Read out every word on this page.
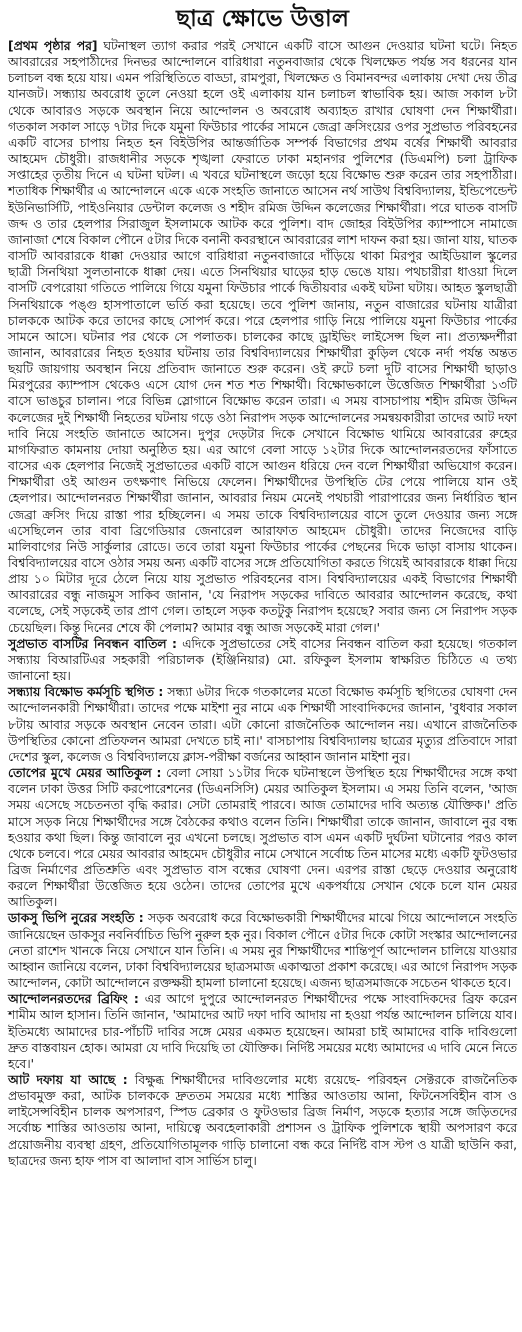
ছাত্র ক্ষোভে উত্তাল

[প্রথম পৃষ্ঠার পর] ঘটনাস্থল ত্যাগ করার পরই সেখানে একটি বাসে আগুন দেওয়ার ঘটনা ঘটে। নিহত আবরারের সহপাঠীদের দিনভর আন্দোলনে বারিধারা নতুনবাজার থেকে খিলক্ষেত পর্যন্ত সব ধরনের যান চলাচল বন্ধ হয়ে যায়। এমন পরিস্থিতিতে বাড্ডা, রামপুরা, খিলক্ষেত ও বিমানবন্দর এলাকায় দেখা দেয় তীব্র যানজট। সন্ধ্যায় অবরোধ তুলে নেওয়া হলে ওই এলাকায় যান চলাচল স্বাভাবিক হয়। আজ সকাল ৮টা থেকে আবারও সড়কে অবস্থান নিয়ে আন্দোলন ও অবরোধ অব্যাহত রাখার ঘোষণা দেন শিক্ষার্থীরা। গতকাল সকাল সাড়ে ৭টার দিকে যমুনা ফিউচার পার্কের সামনে জেব্রা ক্রসিংয়ের ওপর সুপ্রভাত পরিবহনের একটি বাসের চাপায় নিহত হন বিইউপির আন্তর্জাতিক সম্পর্ক বিভাগের প্রথম বর্ষের শিক্ষার্থী আবরার আহমেদ চৌধুরী। রাজধানীর সড়কে শৃঙ্খলা ফেরাতে ঢাকা মহানগর পুলিশের (ডিএমপি) চলা ট্রাফিক সপ্তাহের তৃতীয় দিনে এ ঘটনা ঘটল। এ খবরে ঘটনাস্থলে জড়ো হয়ে বিক্ষোভ শুরু করেন তার সহপাঠীরা। শতাধিক শিক্ষার্থীর এ আন্দোলনে একে একে সংহতি জানাতে আসেন নর্থ সাউথ বিশ্ববিদ্যালয়, ইন্ডিপেন্ডেন্ট ইউনিভার্সিটি, পাইওনিয়ার ডেন্টাল কলেজ ও শহীদ রমিজ উদ্দিন কলেজের শিক্ষার্থীরা। পরে ঘাতক বাসটি জব্দ ও তার হেলপার সিরাজুল ইসলামকে আটক করে পুলিশ। বাদ জোহর বিইউপির ক্যাম্পাসে নামাজে জানাজা শেষে বিকাল পৌনে ৫টার দিকে বনানী কবরস্থানে আবরারের লাশ দাফন করা হয়। জানা যায়, ঘাতক বাসটি আবরারকে ধাক্কা দেওয়ার আগে বারিধারা নতুনবাজারে দাঁড়িয়ে থাকা মিরপুর আইডিয়াল স্কুলের ছাত্রী সিনথিয়া সুলতানাকে ধাক্কা দেয়। এতে সিনথিয়ার ঘাড়ের হাড় ভেঙে যায়। পথচারীরা ধাওয়া দিলে বাসটি বেপরোয়া গতিতে পালিয়ে গিয়ে যমুনা ফিউচার পার্কে দ্বিতীয়বার একই ঘটনা ঘটায়। আহত স্কুলছাত্রী সিনথিয়াকে পঙ্গু হাসপাতালে ভর্তি করা হয়েছে। তবে পুলিশ জানায়, নতুন বাজারের ঘটনায় যাত্রীরা চালককে আটক করে তাদের কাছে সোপর্দ করে। পরে হেলপার গাড়ি নিয়ে পালিয়ে যমুনা ফিউচার পার্কের সামনে আসে। ঘটনার পর থেকে সে পলাতক। চালকের কাছে ড্রাইভিং লাইসেন্স ছিল না। প্রত্যক্ষদর্শীরা জানান, আবরারের নিহত হওয়ার ঘটনায় তার বিশ্ববিদ্যালয়ের শিক্ষার্থীরা কুড়িল থেকে নর্দা পর্যন্ত অন্তত ছয়টি জায়গায় অবস্থান নিয়ে প্রতিবাদ জানাতে শুরু করেন। ওই রুটে চলা দুটি বাসের শিক্ষার্থী ছাড়াও মিরপুরের ক্যাম্পাস থেকেও এসে যোগ দেন শত শত শিক্ষার্থী। বিক্ষোভকালে উত্তেজিত শিক্ষার্থীরা ১৩টি বাসে ভাঙচুর চালান। পরে বিভিন্ন স্লোগানে বিক্ষোভ করেন তারা। এ সময় বাসচাপায় শহীদ রমিজ উদ্দিন কলেজের দুই শিক্ষার্থী নিহতের ঘটনায় গড়ে ওঠা নিরাপদ সড়ক আন্দোলনের সমন্বয়কারীরা তাদের আট দফা দাবি নিয়ে সংহতি জানাতে আসেন। দুপুর দেড়টার দিকে সেখানে বিক্ষোভ থামিয়ে আবরারের রুহের মাগফিরাত কামনায় দোয়া অনুষ্ঠিত হয়। এর আগে বেলা সাড়ে ১২টার দিকে আন্দোলনরতদের ফাঁসাতে বাসের এক হেলপার নিজেই সুপ্রভাতের একটি বাসে আগুন ধরিয়ে দেন বলে শিক্ষার্থীরা অভিযোগ করেন। শিক্ষার্থীরা ওই আগুন তৎক্ষণাৎ নিভিয়ে ফেলেন। শিক্ষার্থীদের উপস্থিতি টের পেয়ে পালিয়ে যান ওই হেলপার। আন্দোলনরত শিক্ষার্থীরা জানান, আবরার নিয়ম মেনেই পথচারী পারাপারের জন্য নির্ধারিত স্থান জেব্রা ক্রসিং দিয়ে রাস্তা পার হচ্ছিলেন। এ সময় তাকে বিশ্ববিদ্যালয়ের বাসে তুলে দেওয়ার জন্য সঙ্গে এসেছিলেন তার বাবা ব্রিগেডিয়ার জেনারেল আরাফাত আহমেদ চৌধুরী। তাদের নিজেদের বাড়ি মালিবাগের নিউ সার্কুলার রোডে। তবে তারা যমুনা ফিউচার পার্কের পেছনের দিকে ভাড়া বাসায় থাকেন। বিশ্ববিদ্যালয়ের বাসে ওঠার সময় অন্য একটি বাসের সঙ্গে প্রতিযোগিতা করতে গিয়েই আবরারকে ধাক্কা দিয়ে প্রায় ১০ মিটার দূরে ঠেলে নিয়ে যায় সুপ্রভাত পরিবহনের বাস। বিশ্ববিদ্যালয়ের একই বিভাগের শিক্ষার্থী আবরারের বন্ধু নাজমুস সাকিব জানান, 'যে নিরাপদ সড়কের দাবিতে আবরার আন্দোলন করেছে, কথা বলেছে, সেই সড়কেই তার প্রাণ গেল। তাহলে সড়ক কতটুকু নিরাপদ হয়েছে? সবার জন্য সে নিরাপদ সড়ক চেয়েছিল। কিন্তু দিনের শেষে কী পেলাম? আমার বন্ধু আজ সড়কেই মারা গেল।'

সুপ্রভাত বাসটির নিবন্ধন বাতিল : এদিকে সুপ্রভাতের সেই বাসের নিবন্ধন বাতিল করা হয়েছে। গতকাল সন্ধ্যায় বিআরটিএর সহকারী পরিচালক (ইঞ্জিনিয়ার) মো. রফিকুল ইসলাম স্বাক্ষরিত চিঠিতে এ তথ্য জানানো হয়।

সন্ধ্যায় বিক্ষোভ কর্মসূচি স্থগিত : সন্ধ্যা ৬টার দিকে গতকালের মতো বিক্ষোভ কর্মসূচি স্থগিতের ঘোষণা দেন আন্দোলনকারী শিক্ষার্থীরা। তাদের পক্ষে মাইশা নুর নামে এক শিক্ষার্থী সাংবাদিকদের জানান, 'বুধবার সকাল ৮টায় আবার সড়কে অবস্থান নেবেন তারা। এটা কোনো রাজনৈতিক আন্দোলন নয়। এখানে রাজনৈতিক উপস্থিতির কোনো প্রতিফলন আমরা দেখতে চাই না।' বাসচাপায় বিশ্ববিদ্যালয় ছাত্রের মৃত্যুর প্রতিবাদে সারা দেশের স্কুল, কলেজ ও বিশ্ববিদ্যালয়ে ক্লাস-পরীক্ষা বর্জনের আহ্বান জানান মাইশা নুর।

তোপের মুখে মেয়র আতিকুল : বেলা সোয়া ১১টার দিকে ঘটনাস্থলে উপস্থিত হয়ে শিক্ষার্থীদের সঙ্গে কথা বলেন ঢাকা উত্তর সিটি করপোরেশনের (ডিএনসিসি) মেয়র আতিকুল ইসলাম। এ সময় তিনি বলেন, 'আজ সময় এসেছে সচেতনতা বৃদ্ধি করার। সেটা তোমরাই পারবে। আজ তোমাদের দাবি অত্যন্ত যৌক্তিক।' প্রতি মাসে সড়ক নিয়ে শিক্ষার্থীদের সঙ্গে বৈঠকের কথাও বলেন তিনি। শিক্ষার্থীরা তাকে জানান, জাবালে নুর বন্ধ হওয়ার কথা ছিল। কিন্তু জাবালে নুর এখনো চলছে। সুপ্রভাত বাস এমন একটি দুর্ঘটনা ঘটানোর পরও কাল থেকে চলবে। পরে মেয়র আবরার আহমেদ চৌধুরীর নামে সেখানে সর্বোচ্চ তিন মাসের মধ্যে একটি ফুটওভার ব্রিজ নির্মাণের প্রতিশ্রুতি এবং সুপ্রভাত বাস বন্ধের ঘোষণা দেন। এরপর রাস্তা ছেড়ে দেওয়ার অনুরোধ করলে শিক্ষার্থীরা উত্তেজিত হয়ে ওঠেন। তাদের তোপের মুখে একপর্যায়ে সেখান থেকে চলে যান মেয়র আতিকুল।

ডাকসু ভিপি নুরের সংহতি : সড়ক অবরোধ করে বিক্ষোভকারী শিক্ষার্থীদের মাঝে গিয়ে আন্দোলনে সংহতি জানিয়েছেন ডাকসুর নবনির্বাচিত ভিপি নুরুল হক নুর। বিকাল পৌনে ৫টার দিকে কোটা সংস্কার আন্দোলনের নেতা রাশেদ খানকে নিয়ে সেখানে যান তিনি। এ সময় নুর শিক্ষার্থীদের শান্তিপূর্ণ আন্দোলন চালিয়ে যাওয়ার আহ্বান জানিয়ে বলেন, ঢাকা বিশ্ববিদ্যালয়ের ছাত্রসমাজ একাত্মতা প্রকাশ করেছে। এর আগে নিরাপদ সড়ক আন্দোলন, কোটা আন্দোলনে রক্তক্ষয়ী হামলা চালানো হয়েছে। এজন্য ছাত্রসমাজকে সচেতন থাকতে হবে।

আন্দোলনরতদের ব্রিফিং : এর আগে দুপুরে আন্দোলনরত শিক্ষার্থীদের পক্ষে সাংবাদিকদের ব্রিফ করেন শামীম আল হাসান। তিনি জানান, 'আমাদের আট দফা দাবি আদায় না হওয়া পর্যন্ত আন্দোলন চালিয়ে যাব। ইতিমধ্যে আমাদের চার-পাঁচটি দাবির সঙ্গে মেয়র একমত হয়েছেন। আমরা চাই আমাদের বাকি দাবিগুলো দ্রুত বাস্তবায়ন হোক। আমরা যে দাবি দিয়েছি তা যৌক্তিক। নির্দিষ্ট সময়ের মধ্যে আমাদের এ দাবি মেনে নিতে হবে।'

আট দফায় যা আছে : বিক্ষুব্ধ শিক্ষার্থীদের দাবিগুলোর মধ্যে রয়েছে- পরিবহন সেক্টরকে রাজনৈতিক প্রভাবমুক্ত করা, আটক চালককে দ্রুততম সময়ের মধ্যে শাস্তির আওতায় আনা, ফিটনেসবিহীন বাস ও লাইসেন্সবিহীন চালক অপসারণ, স্পিড ব্রেকার ও ফুটওভার ব্রিজ নির্মাণ, সড়কে হত্যার সঙ্গে জড়িতদের সর্বোচ্চ শাস্তির আওতায় আনা, দায়িত্বে অবহেলাকারী প্রশাসন ও ট্রাফিক পুলিশকে স্থায়ী অপসারণ করে প্রয়োজনীয় ব্যবস্থা গ্রহণ, প্রতিযোগিতামূলক গাড়ি চালানো বন্ধ করে নির্দিষ্ট বাস স্টপ ও যাত্রী ছাউনি করা, ছাত্রদের জন্য হাফ পাস বা আলাদা বাস সার্ভিস চালু।
